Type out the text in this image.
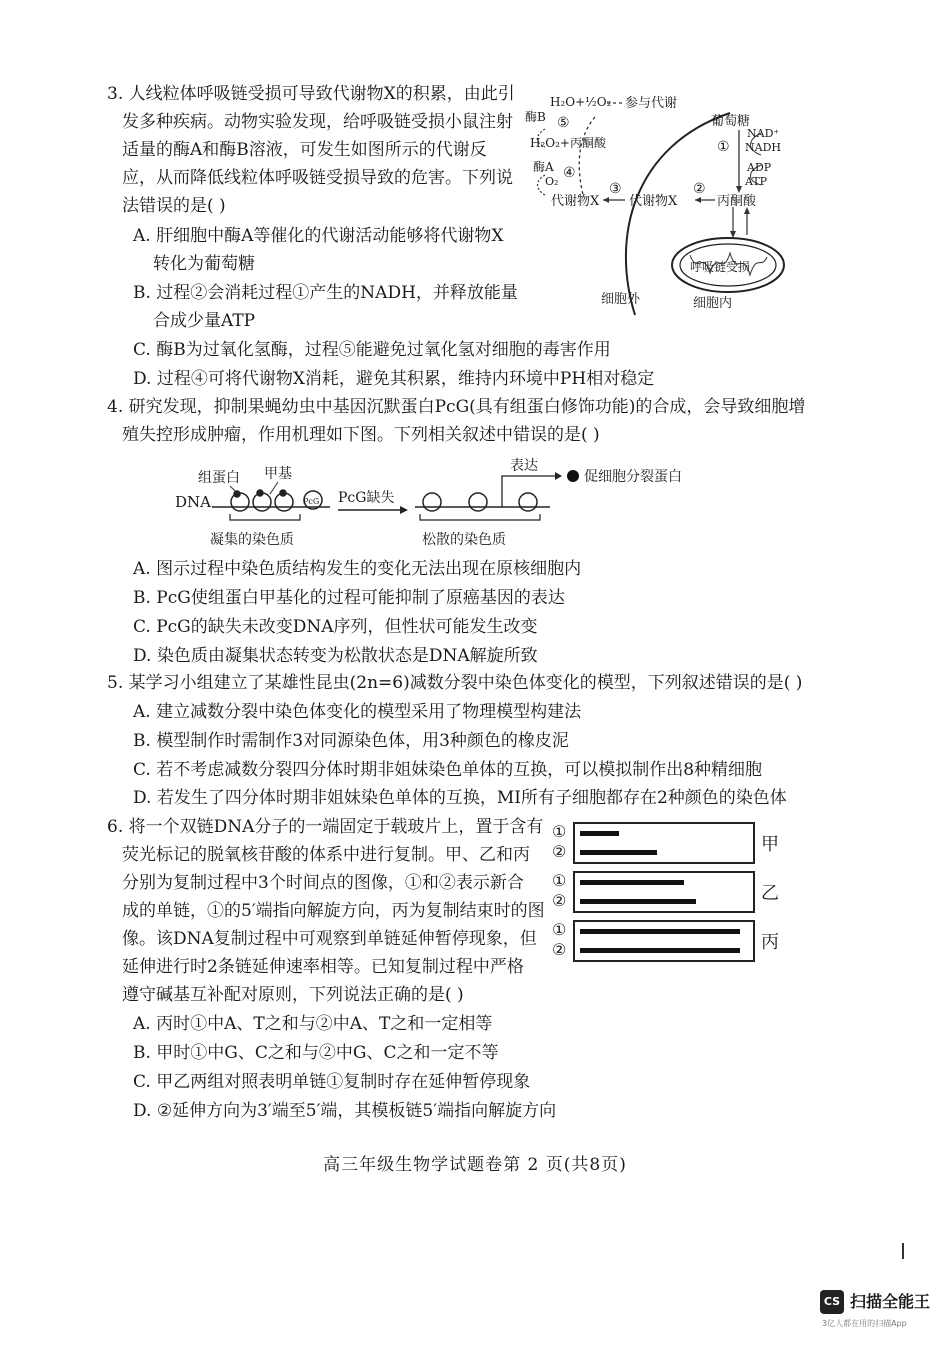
3. 人线粒体呼吸链受损可导致代谢物X的积累，由此引
发多种疾病。动物实验发现，给呼吸链受损小鼠注射
适量的酶A和酶B溶液，可发生如图所示的代谢反
应，从而降低线粒体呼吸链受损导致的危害。下列说
法错误的是( )
A. 肝细胞中酶A等催化的代谢活动能够将代谢物X
转化为葡萄糖
B. 过程②会消耗过程①产生的NADH，并释放能量
合成少量ATP
C. 酶B为过氧化氢酶，过程⑤能避免过氧化氢对细胞的毒害作用
D. 过程④可将代谢物X消耗，避免其积累，维持内环境中PH相对稳定
H₂O+½O₂ 参与代谢
酶B ⑤
H₂O₂+丙酮酸
酶A
O₂
④
代谢物X
③
代谢物X
②
丙酮酸
葡萄糖
①
NAD⁺
NADH
ADP
ATP
呼吸链受损
细胞外	细胞内
4. 研究发现，抑制果蝇幼虫中基因沉默蛋白PcG(具有组蛋白修饰功能)的合成，会导致细胞增
殖失控形成肿瘤，作用机理如下图。下列相关叙述中错误的是( )
组蛋白 甲基
DNA	PcG
凝集的染色质
PcG缺失
松散的染色质
表达
促细胞分裂蛋白
A. 图示过程中染色质结构发生的变化无法出现在原核细胞内
B. PcG使组蛋白甲基化的过程可能抑制了原癌基因的表达
C. PcG的缺失未改变DNA序列，但性状可能发生改变
D. 染色质由凝集状态转变为松散状态是DNA解旋所致
5. 某学习小组建立了某雄性昆虫(2n=6)减数分裂中染色体变化的模型，下列叙述错误的是( )
A. 建立减数分裂中染色体变化的模型采用了物理模型构建法
B. 模型制作时需制作3对同源染色体，用3种颜色的橡皮泥
C. 若不考虑减数分裂四分体时期非姐妹染色单体的互换，可以模拟制作出8种精细胞
D. 若发生了四分体时期非姐妹染色单体的互换，MⅠ所有子细胞都存在2种颜色的染色体
6. 将一个双链DNA分子的一端固定于载玻片上，置于含有
荧光标记的脱氧核苷酸的体系中进行复制。甲、乙和丙
分别为复制过程中3个时间点的图像，①和②表示新合
成的单链，①的5′端指向解旋方向，丙为复制结束时的图
像。该DNA复制过程中可观察到单链延伸暂停现象，但
延伸进行时2条链延伸速率相等。已知复制过程中严格
遵守碱基互补配对原则，下列说法正确的是( )
A. 丙时①中A、T之和与②中A、T之和一定相等
B. 甲时①中G、C之和与②中G、C之和一定不等
C. 甲乙两组对照表明单链①复制时存在延伸暂停现象
D. ②延伸方向为3′端至5′端，其模板链5′端指向解旋方向
①
②	甲
①
②	乙
①
②	丙
高三年级生物学试题卷第 2 页(共8页)
CS 扫描全能王
3亿人都在用的扫描App
